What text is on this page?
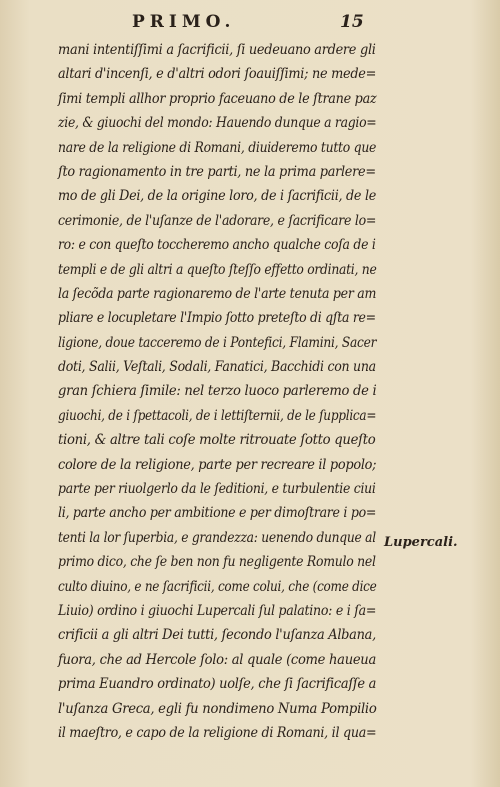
PRIMO.	15
mani intentiſſimi a ſacrificii, ſi uedeuano ardere gli
altari d'incenſi, e d'altri odori ſoauiſſimi; ne mede=
ſimi templi allhor proprio faceuano de le ſtrane paz
zie, & giuochi del mondo: Hauendo dunque a ragio=
nare de la religione di Romani, diuideremo tutto que
ſto ragionamento in tre parti, ne la prima parlere=
mo de gli Dei, de la origine loro, de i ſacrificii, de le
cerimonie, de l'uſanze de l'adorare, e ſacrificare lo=
ro: e con queſto toccheremo ancho qualche coſa de i
templi e de gli altri a queſto ſteſſo effetto ordinati, ne
la ſecõda parte ragionaremo de l'arte tenuta per am
pliare e locupletare l'Impio ſotto preteſto di qſta re=
ligione, doue tacceremo de i Pontefici, Flamini, Sacer
doti, Salii, Veſtali, Sodali, Fanatici, Bacchidi con una
gran ſchiera ſimile: nel terzo luoco parleremo de i
giuochi, de i ſpettacoli, de i lettiſternii, de le ſupplica=
tioni, & altre tali coſe molte ritrouate ſotto queſto
colore de la religione, parte per recreare il popolo;
parte per riuolgerlo da le ſeditioni, e turbulentie ciui
li, parte ancho per ambitione e per dimoſtrare i po=
tenti la lor ſuperbia, e grandezza: uenendo dunque al
primo dico, che ſe ben non fu negligente Romulo nel
culto diuino, e ne ſacrificii, come colui, che (come dice
Liuio) ordino i giuochi Lupercali ſul palatino: e i ſa=
crificii a gli altri Dei tutti, ſecondo l'uſanza Albana,
fuora, che ad Hercole ſolo: al quale (come haueua
prima Euandro ordinato) uolſe, che ſi ſacrificaſſe a
l'uſanza Greca, egli fu nondimeno Numa Pompilio
il maeſtro, e capo de la religione di Romani, il qua=
Lupercali.
